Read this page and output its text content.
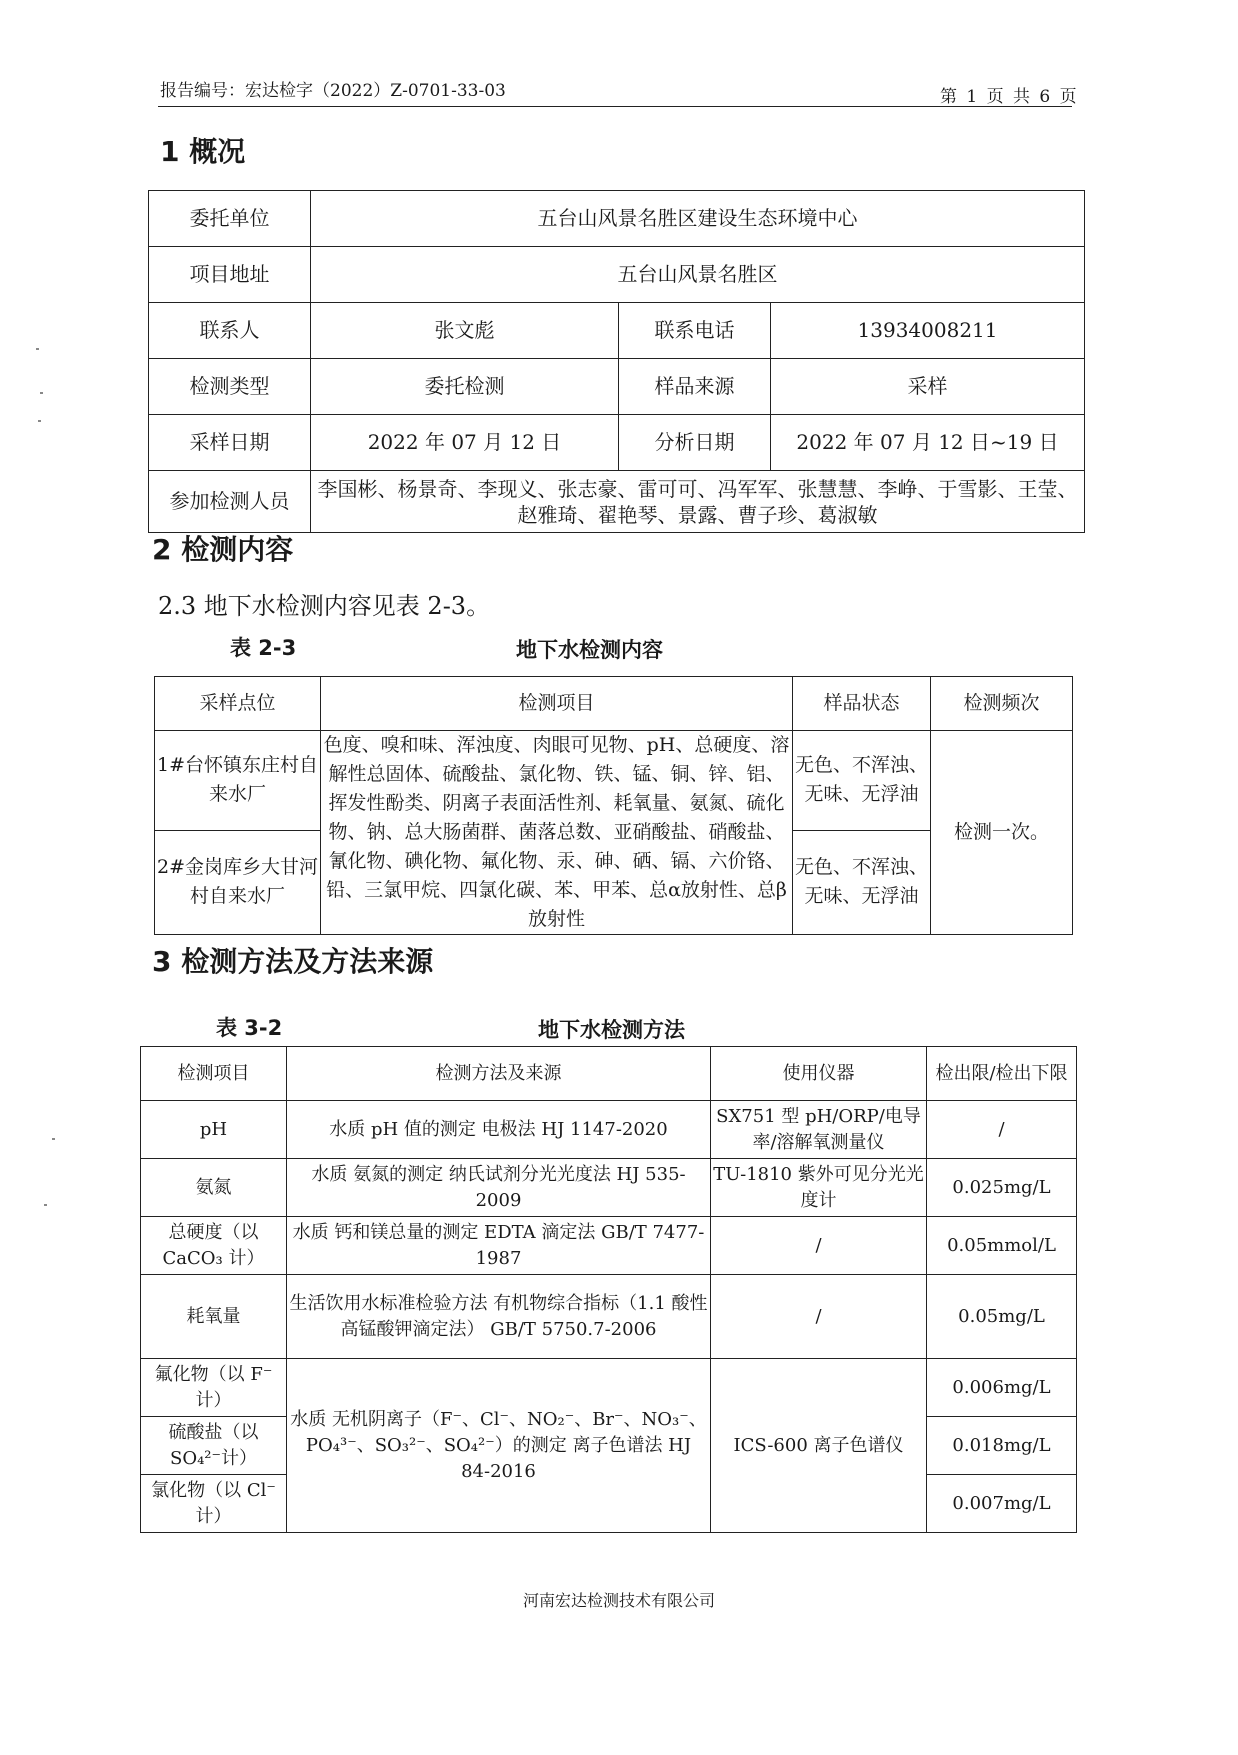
报告编号：宏达检字（2022）Z-0701-33-03	第 1 页 共 6 页
1 概况
委托单位	五台山风景名胜区建设生态环境中心		
项目地址	五台山风景名胜区		
联系人	张文彪	联系电话	13934008211
检测类型	委托检测	样品来源	采样
采样日期	2022 年 07 月 12 日	分析日期	2022 年 07 月 12 日~19 日
参加检测人员	李国彬、杨景奇、李现义、张志豪、雷可可、冯军军、张慧慧、李峥、于雪影、王莹、赵雅琦、翟艳琴、景露、曹子珍、葛淑敏		
2 检测内容
2.3 地下水检测内容见表 2-3。
表 2-3	地下水检测内容
采样点位	检测项目	样品状态	检测频次
1#台怀镇东庄村自来水厂	色度、嗅和味、浑浊度、肉眼可见物、pH、总硬度、溶解性总固体、硫酸盐、氯化物、铁、锰、铜、锌、铝、挥发性酚类、阴离子表面活性剂、耗氧量、氨氮、硫化物、钠、总大肠菌群、菌落总数、亚硝酸盐、硝酸盐、氰化物、碘化物、氟化物、汞、砷、硒、镉、六价铬、铅、三氯甲烷、四氯化碳、苯、甲苯、总α放射性、总β放射性	无色、不浑浊、无味、无浮油	检测一次。
2#金岗库乡大甘河村自来水厂		无色、不浑浊、无味、无浮油	
3 检测方法及方法来源
表 3-2	地下水检测方法
检测项目	检测方法及来源	使用仪器	检出限/检出下限
pH	水质 pH 值的测定 电极法 HJ 1147-2020	SX751 型 pH/ORP/电导率/溶解氧测量仪	/
氨氮	水质 氨氮的测定 纳氏试剂分光光度法 HJ 535-2009	TU-1810 紫外可见分光光度计	0.025mg/L
总硬度（以 CaCO₃ 计）	水质 钙和镁总量的测定 EDTA 滴定法 GB/T 7477-1987	/	0.05mmol/L
耗氧量	生活饮用水标准检验方法 有机物综合指标（1.1 酸性高锰酸钾滴定法） GB/T 5750.7-2006	/	0.05mg/L
氟化物（以 F⁻计）	水质 无机阴离子（F⁻、Cl⁻、NO₂⁻、Br⁻、NO₃⁻、PO₄³⁻、SO₃²⁻、SO₄²⁻）的测定 离子色谱法 HJ 84-2016	ICS-600 离子色谱仪	0.006mg/L
硫酸盐（以 SO₄²⁻计）			0.018mg/L
氯化物（以 Cl⁻计）			0.007mg/L
河南宏达检测技术有限公司
